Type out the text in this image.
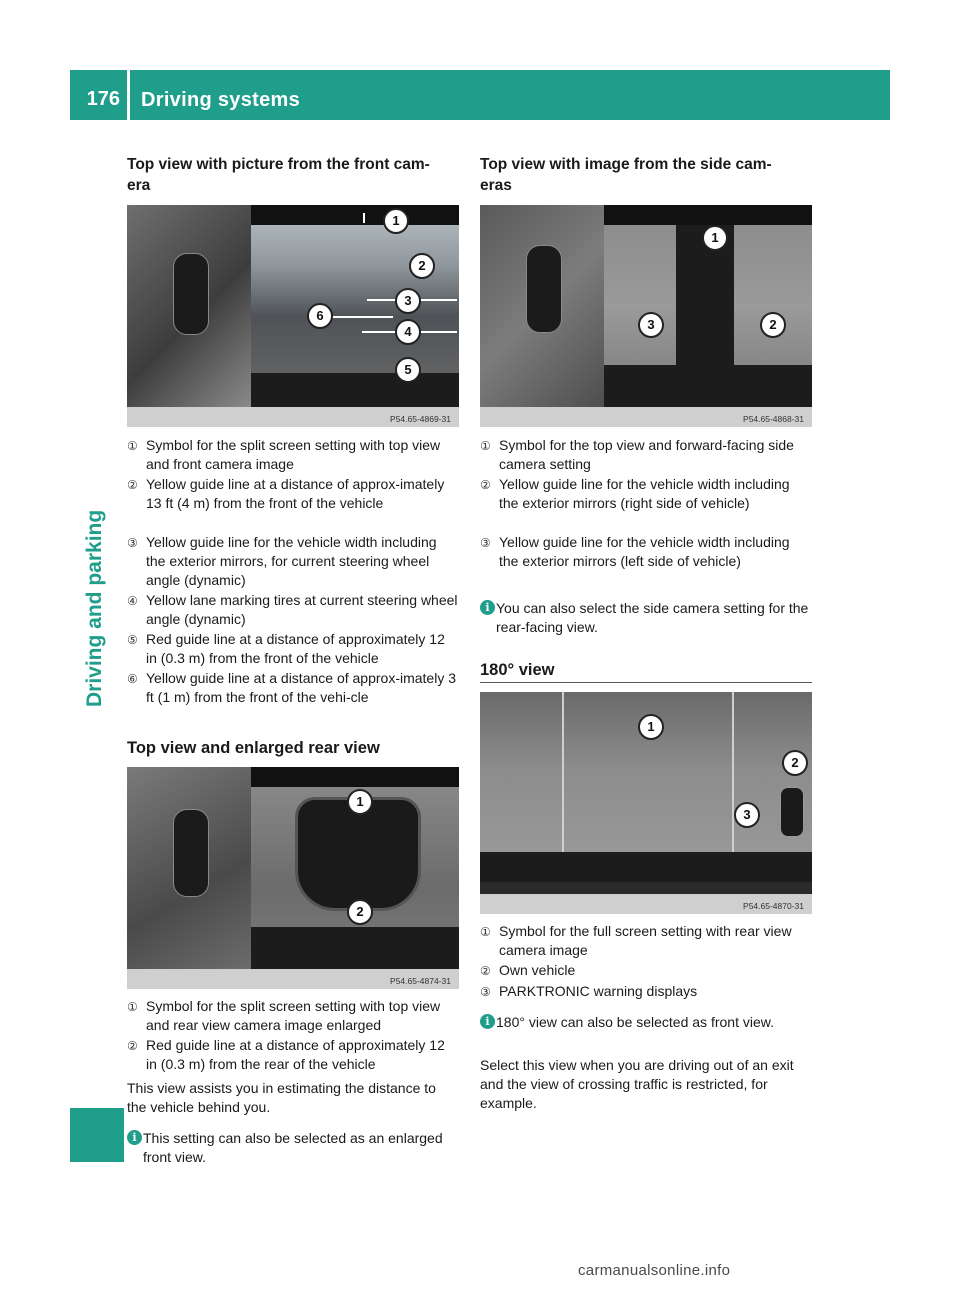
176 Driving systems
Driving and parking
Top view with picture from the front cam-
era
P54.65-4869-31
1
2
3
6
4
5
① Symbol for the split screen setting with top view and front camera image
② Yellow guide line at a distance of approx-imately 13 ft (4 m) from the front of the vehicle
③ Yellow guide line for the vehicle width including the exterior mirrors, for current steering wheel angle (dynamic)
④ Yellow lane marking tires at current steering wheel angle (dynamic)
⑤ Red guide line at a distance of approximately 12 in (0.3 m) from the front of the vehicle
⑥ Yellow guide line at a distance of approx-imately 3 ft (1 m) from the front of the vehi-cle
Top view and enlarged rear view
P54.65-4874-31
1
2
① Symbol for the split screen setting with top view and rear view camera image enlarged
② Red guide line at a distance of approximately 12 in (0.3 m) from the rear of the vehicle
This view assists you in estimating the distance to the vehicle behind you.
i This setting can also be selected as an enlarged front view.
Top view with image from the side cam-
eras
P54.65-4868-31
1
3	2
① Symbol for the top view and forward-facing side camera setting
② Yellow guide line for the vehicle width including the exterior mirrors (right side of vehicle)
③ Yellow guide line for the vehicle width including the exterior mirrors (left side of vehicle)
i You can also select the side camera setting for the rear-facing view.
180° view
P54.65-4870-31
1
2
3
① Symbol for the full screen setting with rear view camera image
② Own vehicle
③ PARKTRONIC warning displays
i 180° view can also be selected as front view.
Select this view when you are driving out of an exit and the view of crossing traffic is restricted, for example.
carmanualsonline.info
